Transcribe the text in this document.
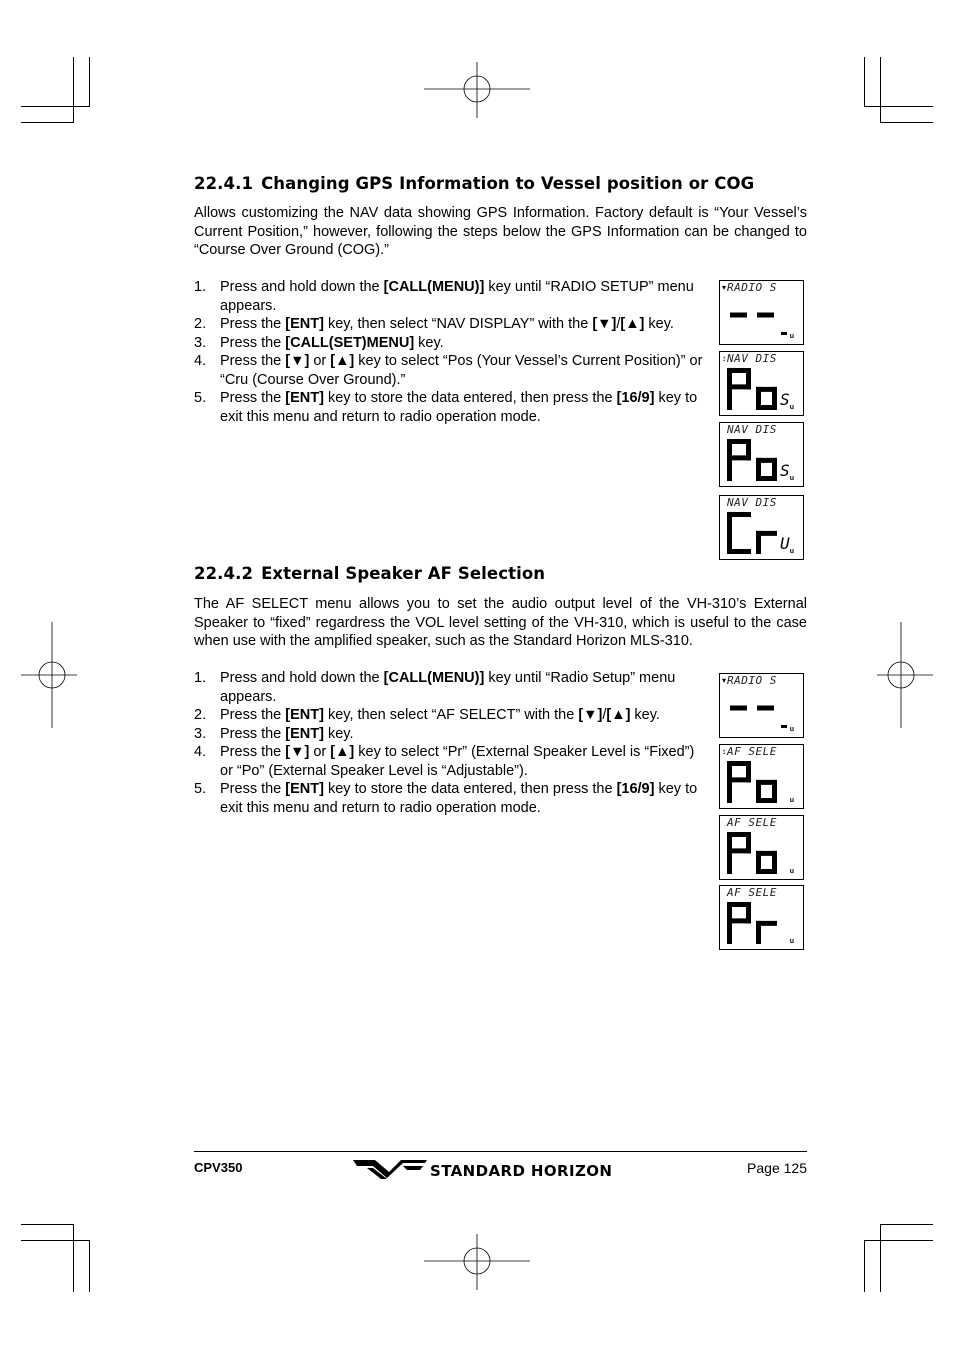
22.4.1 Changing GPS Information to Vessel position or COG

Allows customizing the NAV data showing GPS Information. Factory default is “Your Vessel’s Current Position,” however, following the steps below the GPS Information can be changed to “Course Over Ground (COG).”

1. Press and hold down the [CALL(MENU)] key until “RADIO SETUP” menu appears.
2. Press the [ENT] key, then select “NAV DISPLAY” with the [▼]/[▲] key.
3. Press the [CALL(SET)MENU] key.
4. Press the [▼] or [▲] key to select “Pos (Your Vessel’s Current Position)” or “Cru (Course Over Ground).”
5. Press the [ENT] key to store the data entered, then press the [16/9] key to exit this menu and return to radio operation mode.
▾ RADIO S
u
↕ NAV DIS
S u
NAV DIS
S u
NAV DIS
U u
22.4.2 External Speaker AF Selection

The AF SELECT menu allows you to set the audio output level of the VH-310’s External Speaker to “fixed” regardress the VOL level setting of the VH-310, which is useful to the case when use with the amplified speaker, such as the Standard Horizon MLS-310.

1. Press and hold down the [CALL(MENU)] key until “Radio Setup” menu appears.
2. Press the [ENT] key, then select “AF SELECT” with the [▼]/[▲] key.
3. Press the [ENT] key.
4. Press the [▼] or [▲] key to select “Pr” (External Speaker Level is “Fixed”) or “Po” (External Speaker Level is “Adjustable”).
5. Press the [ENT] key to store the data entered, then press the [16/9] key to exit this menu and return to radio operation mode.
▾ RADIO S
u
↕ AF SELE
u
AF SELE
u
AF SELE
u
CPV350	STANDARD HORIZON	Page 125
